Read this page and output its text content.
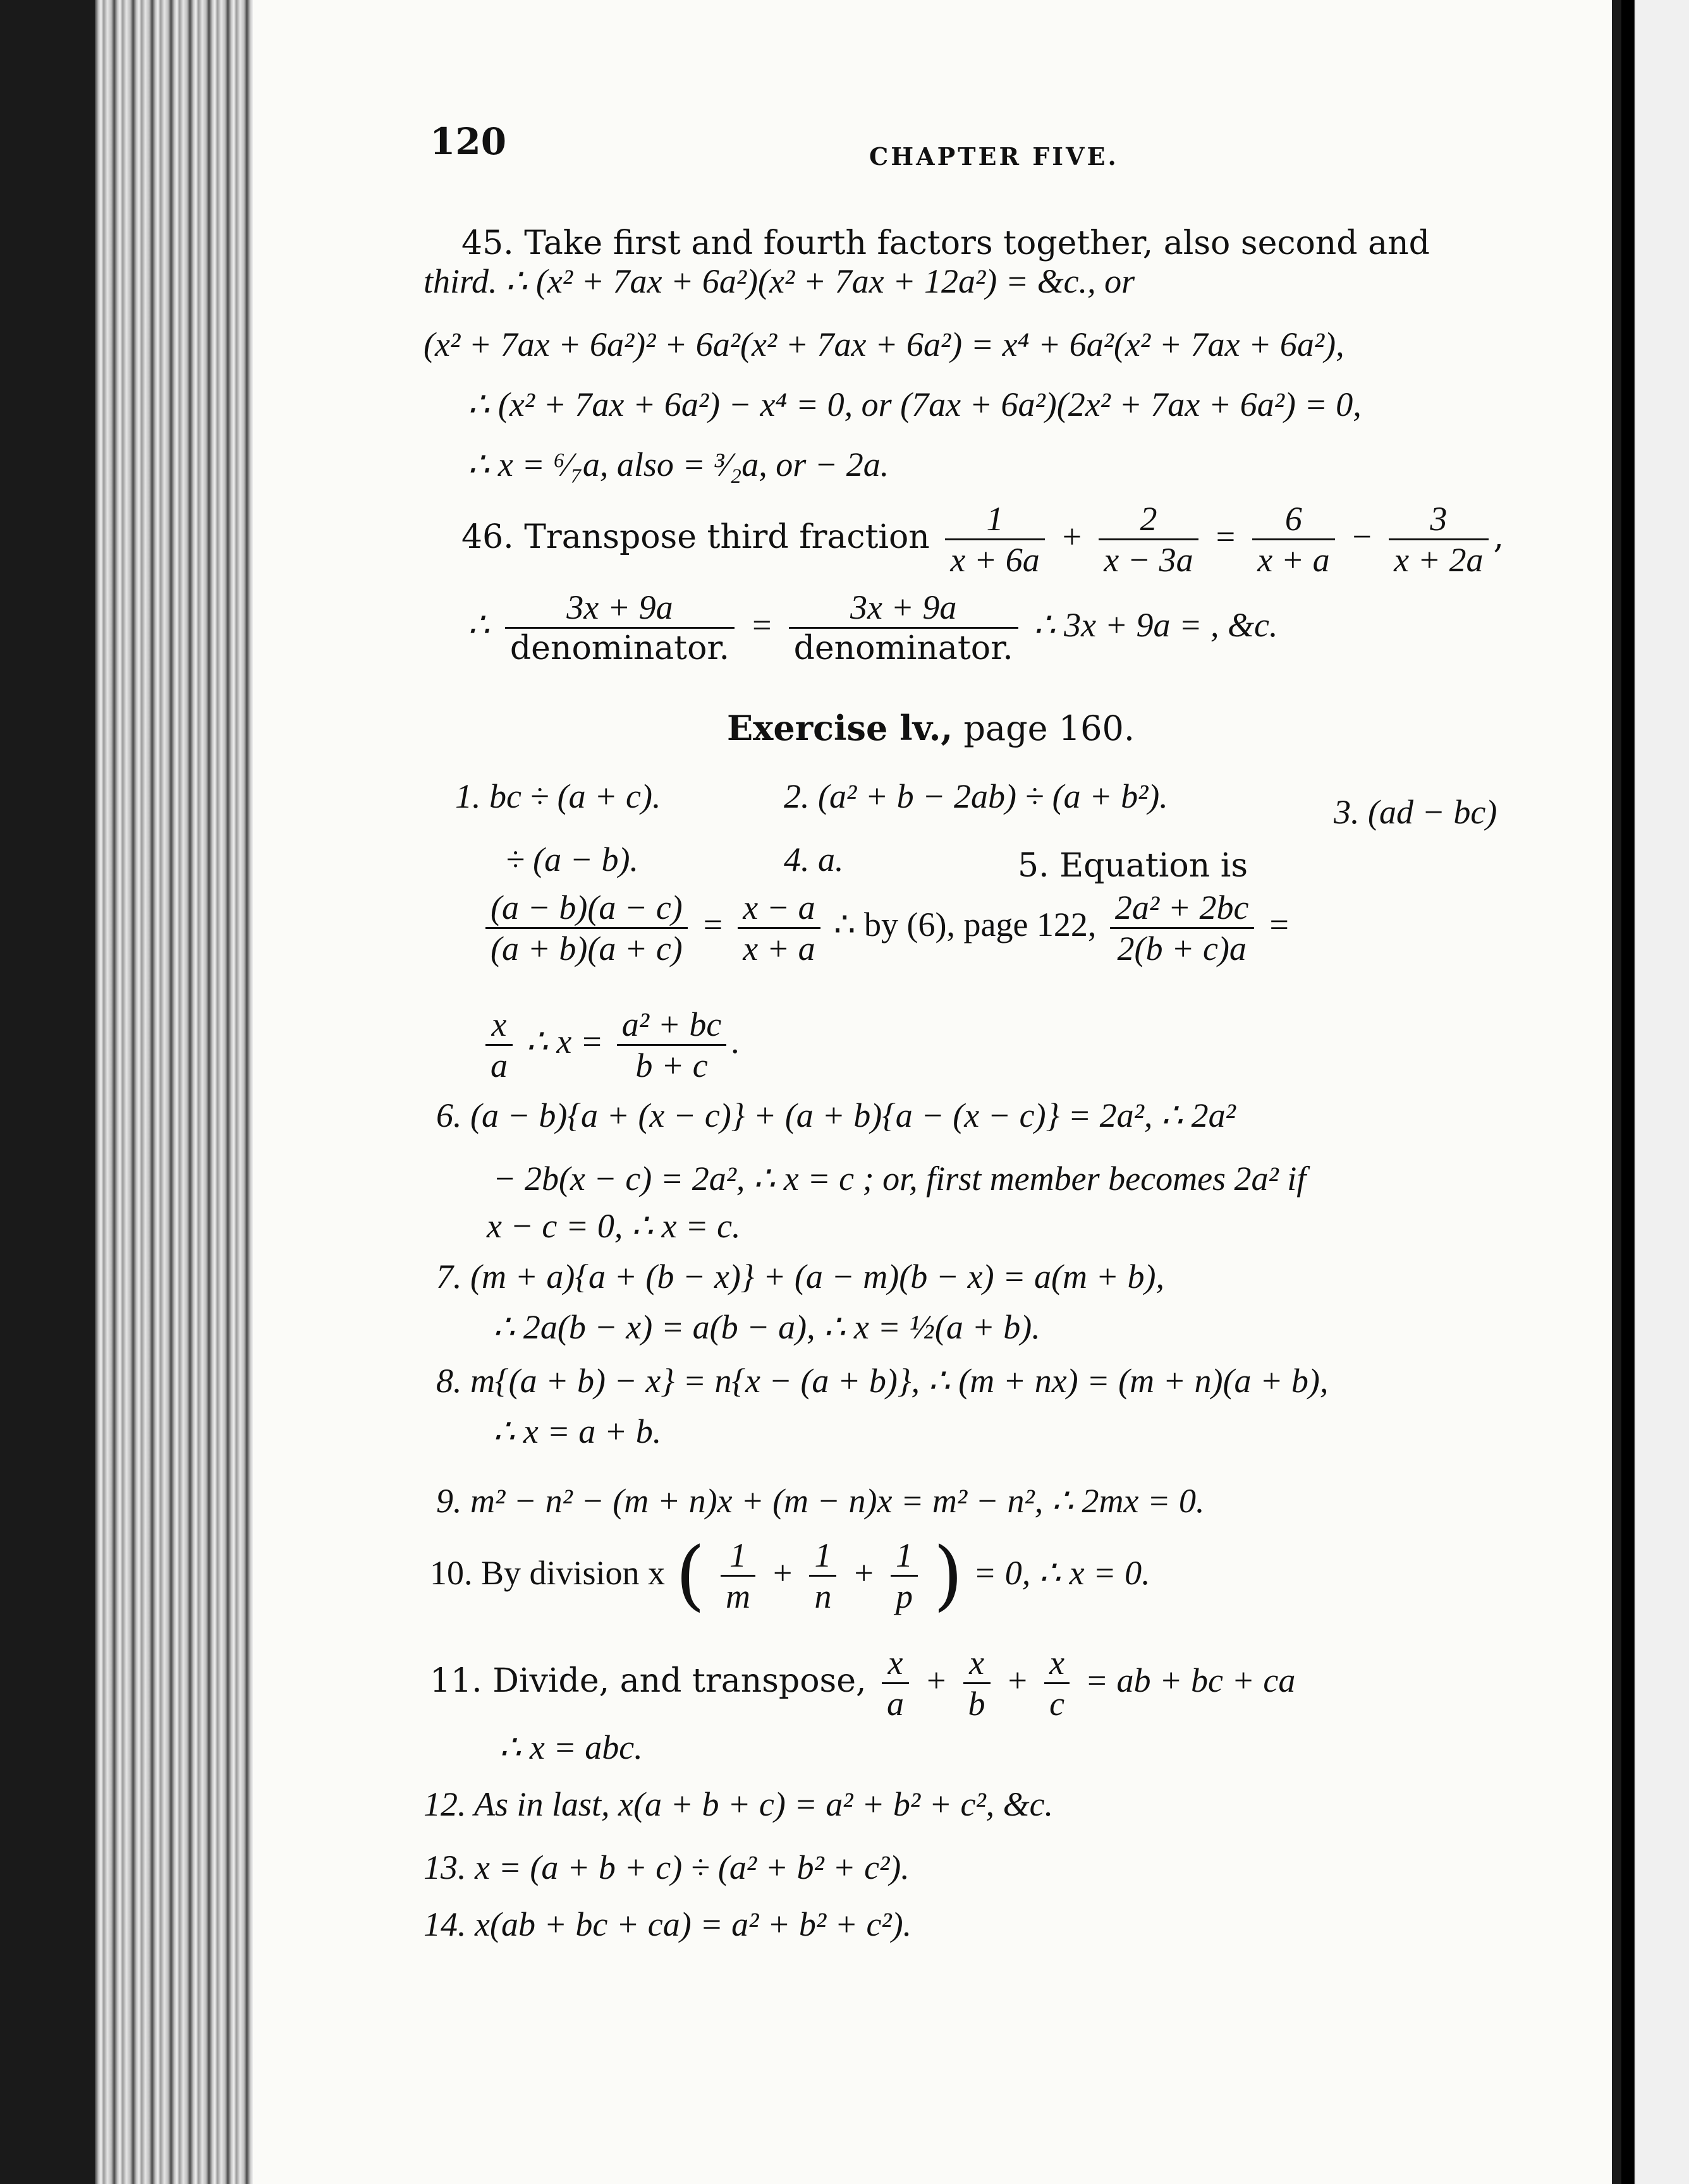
120	CHAPTER FIVE.
45. Take first and fourth factors together, also second and
third. ∴ (x² + 7ax + 6a²)(x² + 7ax + 12a²) = &c., or
(x² + 7ax + 6a²)² + 6a²(x² + 7ax + 6a²) = x⁴ + 6a²(x² + 7ax + 6a²),
∴ (x² + 7ax + 6a²) − x⁴ = 0, or (7ax + 6a²)(2x² + 7ax + 6a²) = 0,
∴ x = ⁶⁄₇a, also = ³⁄₂a, or − 2a.
46. Transpose third fraction $\frac{1}{x + 6a} + \frac{2}{x - 3a} = \frac{6}{x + a} - \frac{3}{x + 2a}$ ,
∴ $\frac{3x + 9a}{\text{denominator.}} = \frac{3x + 9a}{\text{denominator.}}$ ∴ 3x + 9a = , &c.
Exercise lv., page 160.
1. bc ÷ (a + c).	2. (a² + b − 2ab) ÷ (a + b²).	3. (ad − bc)
÷ (a − b).	4. a.	5. Equation is
$\frac{(a - b)(a - c)}{(a + b)(a + c)} = \frac{x - a}{x + a}$ ∴ by (6), page 122, $\frac{\text{2a² + 2bc}}{2(b + c)a}$ =
$\frac{x}{a}$ ∴ $x = \frac{\text{a² + bc}}{b + c}$ .
6. (a − b){a + (x − c)} + (a + b){a − (x − c)} = 2a², ∴ 2a²
− 2b(x − c) = 2a², ∴ x = c ; or, first member becomes 2a² if
x − c = 0, ∴ x = c.
7. (m + a){a + (b − x)} + (a − m)(b − x) = a(m + b),
∴ 2a(b − x) = a(b − a), ∴ x = ½(a + b).
8. m{(a + b) − x} = n{x − (a + b)}, ∴ (m + nx) = (m + n)(a + b),
∴ x = a + b.
9. m² − n² − (m + n)x + (m − n)x = m² − n², ∴ 2mx = 0.
10. By division x ( $\frac{1}{m} + \frac{1}{n} + \frac{1}{p}$ ) = 0, ∴ x = 0.
11. Divide, and transpose, $\frac{x}{a} + \frac{x}{b} + \frac{x}{c}$ = ab + bc + ca
∴ x = abc.
12. As in last, x(a + b + c) = a² + b² + c², &c.
13. x = (a + b + c) ÷ (a² + b² + c²).
14. x(ab + bc + ca) = a² + b² + c²).
